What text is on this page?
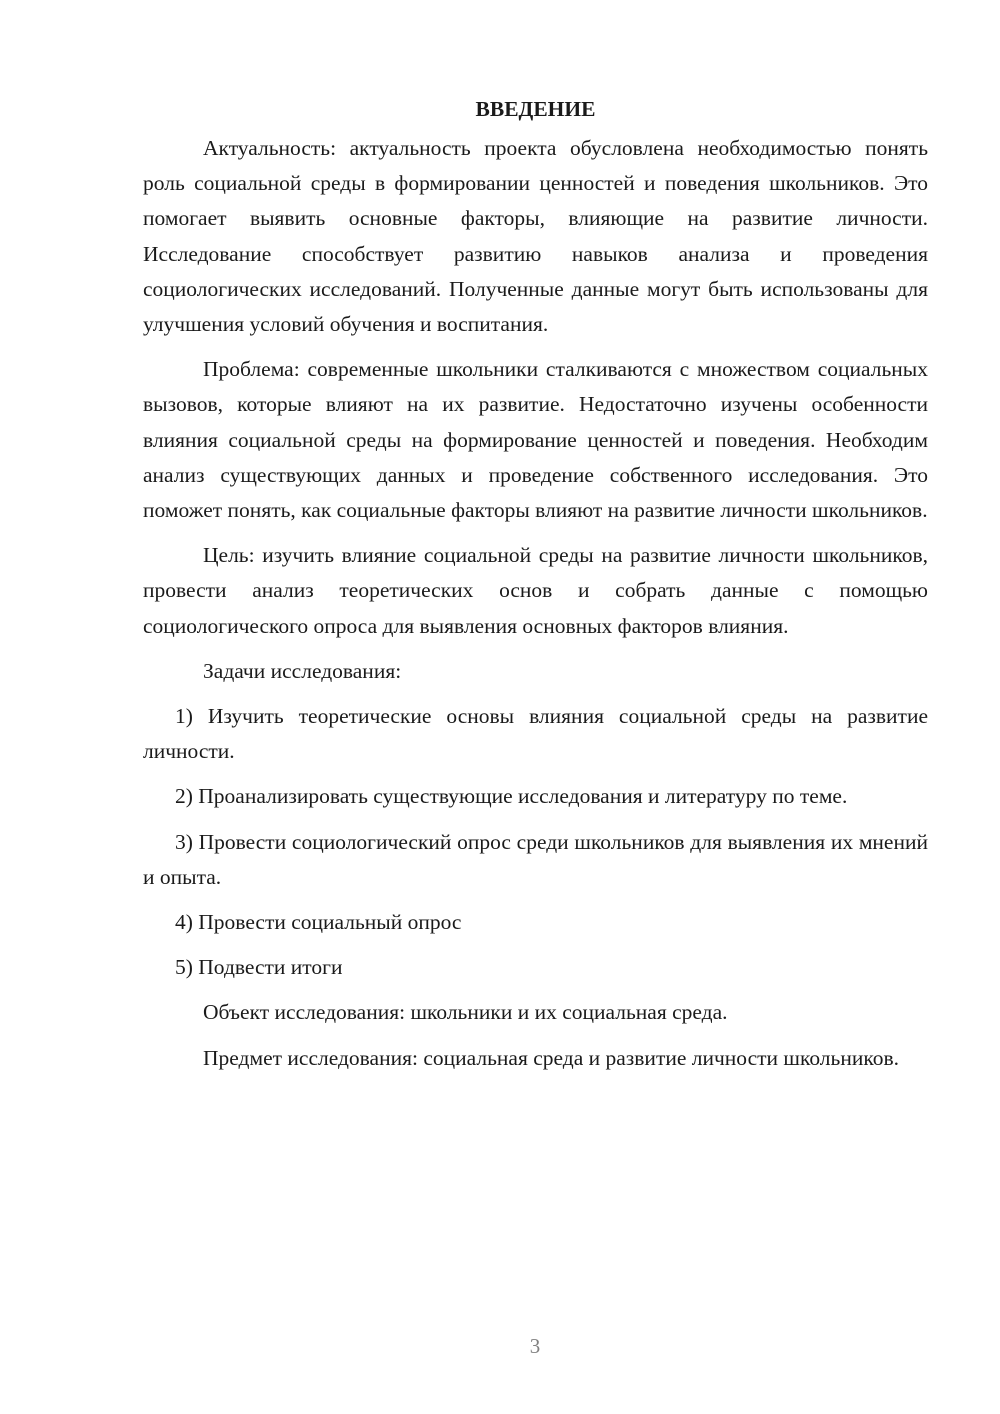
ВВЕДЕНИЕ

Актуальность: актуальность проекта обусловлена необходимостью понять роль социальной среды в формировании ценностей и поведения школьников. Это помогает выявить основные факторы, влияющие на развитие личности. Исследование способствует развитию навыков анализа и проведения социологических исследований. Полученные данные могут быть использованы для улучшения условий обучения и воспитания.

Проблема: современные школьники сталкиваются с множеством социальных вызовов, которые влияют на их развитие. Недостаточно изучены особенности влияния социальной среды на формирование ценностей и поведения. Необходим анализ существующих данных и проведение собственного исследования. Это поможет понять, как социальные факторы влияют на развитие личности школьников.

Цель: изучить влияние социальной среды на развитие личности школьников, провести анализ теоретических основ и собрать данные с помощью социологического опроса для выявления основных факторов влияния.

Задачи исследования:

1) Изучить теоретические основы влияния социальной среды на развитие личности.

2) Проанализировать существующие исследования и литературу по теме.

3) Провести социологический опрос среди школьников для выявления их мнений и опыта.

4) Провести социальный опрос

5) Подвести итоги

Объект исследования: школьники и их социальная среда.

Предмет исследования: социальная среда и развитие личности школьников.

3
